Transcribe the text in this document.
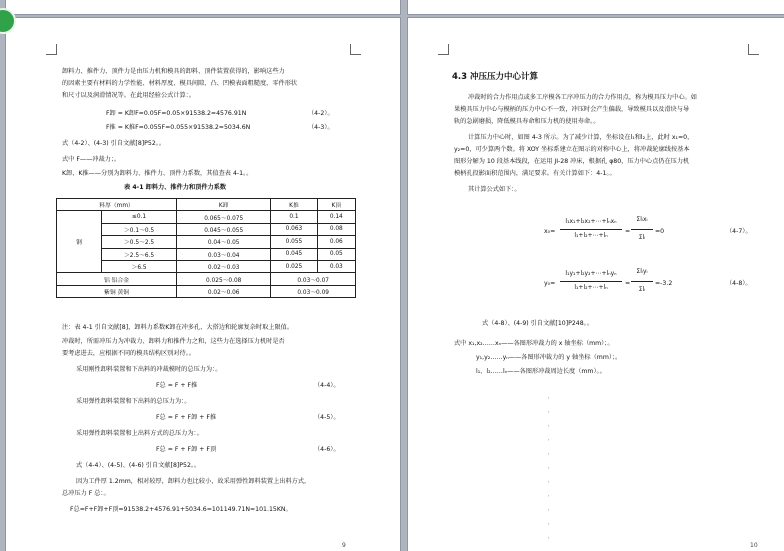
卸料力、推件力、顶件力是由压力机和模具的卸料、顶件装置获得的，影响这些力
的因素主要有材料的力学性能、材料厚度、模具间隙、凸、凹模表面粗糙度、零件形状
和尺寸以及润滑情况等。在此用经验公式计算：。
F卸 = K卸F=0.05F=0.05×91538.2=4576.91N	（4-2）。
F推 = K推F=0.055F=0.055×91538.2=5034.6N	（4-3）。
式（4-2）、(4-3) 引自文献[8]P52。。
式中 F——冲裁力；。
K卸、K推——分别为卸料力、推件力、顶件力系数，其值查表 4-1。。
表 4-1 卸料力、推件力和顶件力系数
料厚（mm）		K卸	K推	K顶
钢	≤0.1	0.065～0.075	0.1	0.14
	＞0.1～0.5	0.045～0.055	0.063	0.08
	＞0.5～2.5	0.04～0.05	0.055	0.06
	＞2.5～6.5	0.03～0.04	0.045	0.05
	＞6.5	0.02～0.03	0.025	0.03
铝 铝合金		0.025～0.08	0.03～0.07	
紫铜 黄铜		0.02～0.06	0.03～0.09	
注：表 4-1 引自文献[8]，卸料力系数K卸在冲多孔、大搭边和轮廓复杂时取上限值。
冲裁时，所需冲压力为冲裁力、卸料力和推件力之和，这些力在选择压力机时是否
要考虑进去，应根据不同的模具结构区别对待。。
采用刚性卸料装置和下出料的冲裁模时的总压力为：。
F总 = F + F推	（4-4）。
采用弹性卸料装置和下出料的总压力为：。
F总 = F + F卸 + F推	（4-5）。
采用弹性卸料装置和上出料方式的总压力为：。
F总 = F + F卸 + F顶	（4-6）。
式（4-4）、(4-5)、(4-6) 引自文献[8]P52。。
因为工件厚 1.2mm，相对较厚，卸料力也比较小，故采用弹性卸料装置上出料方式，
总冲压力 F 总：。
F总=F+F卸+F顶=91538.2+4576.91+5034.6=101149.71N≈101.15KN。
9
4.3 冲压压力中心计算
冲裁时的合力作用点或多工序模各工序冲压力的合力作用点，称为模具压力中心。如
果模具压力中心与模柄的压力中心不一致，冲压时会产生偏载，导致模具以及滑块与导
轨的急剧磨损，降低模具寿命和压力机的使用寿命。。
计算压力中心时，如图 4-3 所示。为了减少计算，坐标设在l₁和l₂上，此时 x₁=0，
y₂=0，可少算两个数。将 XOY 坐标系建立在图示的对称中心上，将冲裁轮廓线按基本
图形分解为 10 段基本线段，在运用 JI-28 冲床，根据孔 φ80，压力中心点仍在压力机
模柄孔投影面积范围内，满足要求。有关计算如下：4-1。。
其计算公式如下：。
x₀=
l₁x₁+l₂x₂+⋯+lₙxₙ
l₁+l₂+⋯+lₙ
=
Σlᵢxᵢ
Σlᵢ
=0	（4-7）。
y₀=
l₁y₁+l₂y₂+⋯+lₙyₙ
l₁+l₂+⋯+lₙ
=
Σlᵢyᵢ
Σlᵢ
=-3.2	（4-8）。
式（4-8）、(4-9) 引自文献[10]P248。。
式中 x₁,x₂……xₙ——各图形冲裁力的 x 轴坐标（mm）；。
y₁,y₂……yₙ——各图形冲裁力的 y 轴坐标（mm）；。
l₁、l₂……lₙ——各图形冲裁周边长度（mm）。。
,
,
,
,
,
,
,
,
,
,
,
10
